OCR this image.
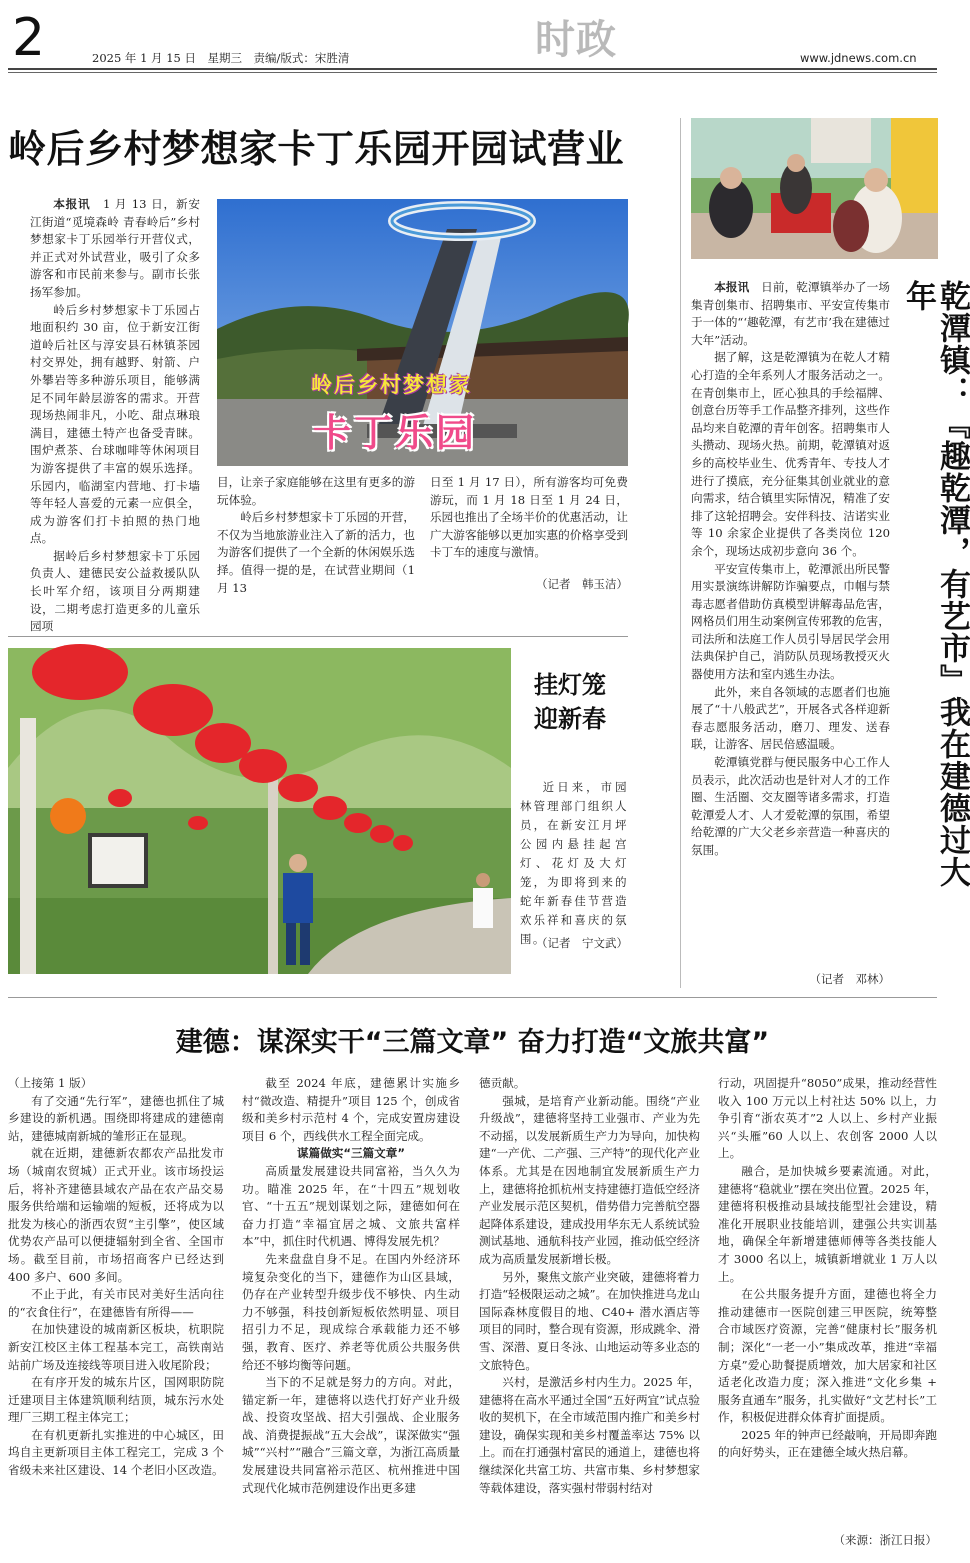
2	2025 年 1 月 15 日　星期三　责编/版式：宋胜清	时政	www.jdnews.com.cn
岭后乡村梦想家卡丁乐园开园试营业

本报讯　 1 月 13 日，新安江街道“觅境森岭 青春岭后”乡村梦想家卡丁乐园举行开营仪式，并正式对外试营业，吸引了众多游客和市民前来参与。副市长张扬军参加。

岭后乡村梦想家卡丁乐园占地面积约 30 亩，位于新安江街道岭后社区与淳安县石林镇茶园村交界处，拥有越野、射箭、户外攀岩等多种游乐项目，能够满足不同年龄层游客的需求。开营现场热闹非凡，小吃、甜点琳琅满目，建德土特产也备受青睐。围炉煮茶、台球咖啡等休闲项目为游客提供了丰富的娱乐选择。乐园内，临湖室内营地、打卡墙等年轻人喜爱的元素一应俱全，成为游客们打卡拍照的热门地点。

据岭后乡村梦想家卡丁乐园负责人、建德民安公益救援队队长叶军介绍，该项目分两期建设，二期考虑打造更多的儿童乐园项

岭后乡村梦想家
卡丁乐园

目，让亲子家庭能够在这里有更多的游玩体验。

岭后乡村梦想家卡丁乐园的开营，不仅为当地旅游业注入了新的活力，也为游客们提供了一个全新的休闲娱乐选择。值得一提的是，在试营业期间（1 月 13

日至 1 月 17 日），所有游客均可免费游玩，而 1 月 18 日至 1 月 24 日，乐园也推出了全场半价的优惠活动，让广大游客能够以更加实惠的价格享受到卡丁车的速度与激情。

（记者　韩玉洁）
挂灯笼
迎新春

近日来，市园林管理部门组织人员，在新安江月坪公园内悬挂起宫灯、花灯及大灯笼，为即将到来的蛇年新春佳节营造欢乐祥和喜庆的氛围。

（记者　宁文武）
乾潭镇：『趣乾潭，有艺市』我在建德过大年

本报讯　 日前，乾潭镇举办了一场集青创集市、招聘集市、平安宣传集市于一体的“‘趣乾潭，有艺市’我在建德过大年”活动。

据了解，这是乾潭镇为在乾人才精心打造的全年系列人才服务活动之一。在青创集市上，匠心独具的手绘福牌、创意台历等手工作品整齐排列，这些作品均来自乾潭的青年创客。招聘集市人头攒动、现场火热。前期，乾潭镇对返乡的高校毕业生、优秀青年、专技人才进行了摸底，充分征集其创业就业的意向需求，结合镇里实际情况，精准了安排了这轮招聘会。安伴科技、洁诺实业等 10 余家企业提供了各类岗位 120 余个，现场达成初步意向 36 个。

平安宣传集市上，乾潭派出所民警用实景演练讲解防诈骗要点，巾帼与禁毒志愿者借助仿真模型讲解毒品危害，网格员们用生动案例宣传邪教的危害，司法所和法庭工作人员引导居民学会用法典保护自己，消防队员现场教授灭火器使用方法和室内逃生办法。

此外，来自各领域的志愿者们也施展了“十八般武艺”，开展各式各样迎新春志愿服务活动，磨刀、理发、送春联，让游客、居民倍感温暖。

乾潭镇党群与便民服务中心工作人员表示，此次活动也是针对人才的工作圈、生活圈、交友圈等诸多需求，打造乾潭爱人才、人才爱乾潭的氛围，希望给乾潭的广大父老乡亲营造一种喜庆的氛围。

（记者　邓林）
建德：谋深实干“三篇文章” 奋力打造“文旅共富”

（上接第 1 版）

有了交通“先行军”，建德也抓住了城乡建设的新机遇。围绕即将建成的建德南站，建德城南新城的雏形正在显现。

就在近期，建德新农都农产品批发市场（城南农贸城）正式开业。该市场投运后，将补齐建德县域农产品在农产品交易服务供给端和运输端的短板，还将成为以批发为核心的浙西农贸“主引擎”，使区域优势农产品可以便捷辐射到全省、全国市场。截至目前，市场招商客户已经达到 400 多户、600 多间。

不止于此，有关市民对美好生活向往的“衣食住行”，在建德皆有所得——

在加快建设的城南新区板块，杭职院新安江校区主体工程基本完工，高铁南站站前广场及连接线等项目进入收尾阶段；

在有序开发的城东片区，国网职防院迁建项目主体建筑顺利结顶，城东污水处理厂三期工程主体完工；

在有机更新扎实推进的中心城区，田坞自主更新项目主体工程完工，完成 3 个省级未来社区建设、14 个老旧小区改造。

截至 2024 年底，建德累计实施乡村“微改造、精提升”项目 125 个，创成省级和美乡村示范村 4 个，完成安置房建设项目 6 个，西线供水工程全面完成。

谋篇做实“三篇文章”

高质量发展建设共同富裕，当久久为功。瞄准 2025 年，在“十四五”规划收官、“十五五”规划谋划之际，建德如何在奋力打造“幸福宜居之城、文旅共富样本”中，抓住时代机遇、博得发展先机？

先来盘盘自身不足。在国内外经济环境复杂变化的当下，建德作为山区县域，仍存在产业转型升级步伐不够快、内生动力不够强，科技创新短板依然明显、项目招引力不足，现成综合承载能力还不够强，教育、医疗、养老等优质公共服务供给还不够均衡等问题。

当下的不足就是努力的方向。对此，锚定新一年，建德将以迭代打好产业升级战、投资攻坚战、招大引强战、企业服务战、消费提振战“五大会战”，谋深做实“强城”“兴村”“融合”三篇文章，为浙江高质量发展建设共同富裕示范区、杭州推进中国式现代化城市范例建设作出更多建

德贡献。

强城，是培育产业新动能。围绕“产业升级战”，建德将坚持工业强市、产业为先不动摇，以发展新质生产力为导向，加快构建“一产优、二产强、三产特”的现代化产业体系。尤其是在因地制宜发展新质生产力上，建德将抢抓杭州支持建德打造低空经济产业发展示范区契机，借势借力完善航空器起降体系建设，建成投用华东无人系统试验测试基地、通航科技产业园，推动低空经济成为高质量发展新增长极。

另外，聚焦文旅产业突破，建德将着力打造“轻极限运动之城”。在加快推进乌龙山国际森林度假目的地、C40+ 潜水酒店等项目的同时，整合现有资源，形成跳伞、滑雪、深潜、夏日冬泳、山地运动等多业态的文旅特色。

兴村，是激活乡村内生力。2025 年，建德将在高水平通过全国“五好两宜”试点验收的契机下，在全市域范围内推广和美乡村建设，确保实现和美乡村覆盖率达 75% 以上。而在打通强村富民的通道上，建德也将继续深化共富工坊、共富市集、乡村梦想家等载体建设，落实强村带弱村结对

行动，巩固提升“8050”成果，推动经营性收入 100 万元以上村社达 50% 以上，力争引育“浙农英才”2 人以上、乡村产业振兴“头雁”60 人以上、农创客 2000 人以上。

融合，是加快城乡要素流通。对此，建德将“稳就业”摆在突出位置。2025 年，建德将积极推动县域技能型社会建设，精准化开展职业技能培训，建强公共实训基地，确保全年新增建德师傅等各类技能人才 3000 名以上，城镇新增就业 1 万人以上。

在公共服务提升方面，建德也将全力推动建德市一医院创建三甲医院，统筹整合市域医疗资源，完善“健康村长”服务机制；深化“一老一小”集成改革，推进“幸福方桌”爱心助餐提质增效，加大居家和社区适老化改造力度；深入推进“文化乡集 + 服务直通车”服务，扎实做好“文艺村长”工作，积极促进群众体育扩面提质。

2025 年的钟声已经敲响，开局即奔跑的向好势头，正在建德全域火热启幕。

（来源：浙江日报）
